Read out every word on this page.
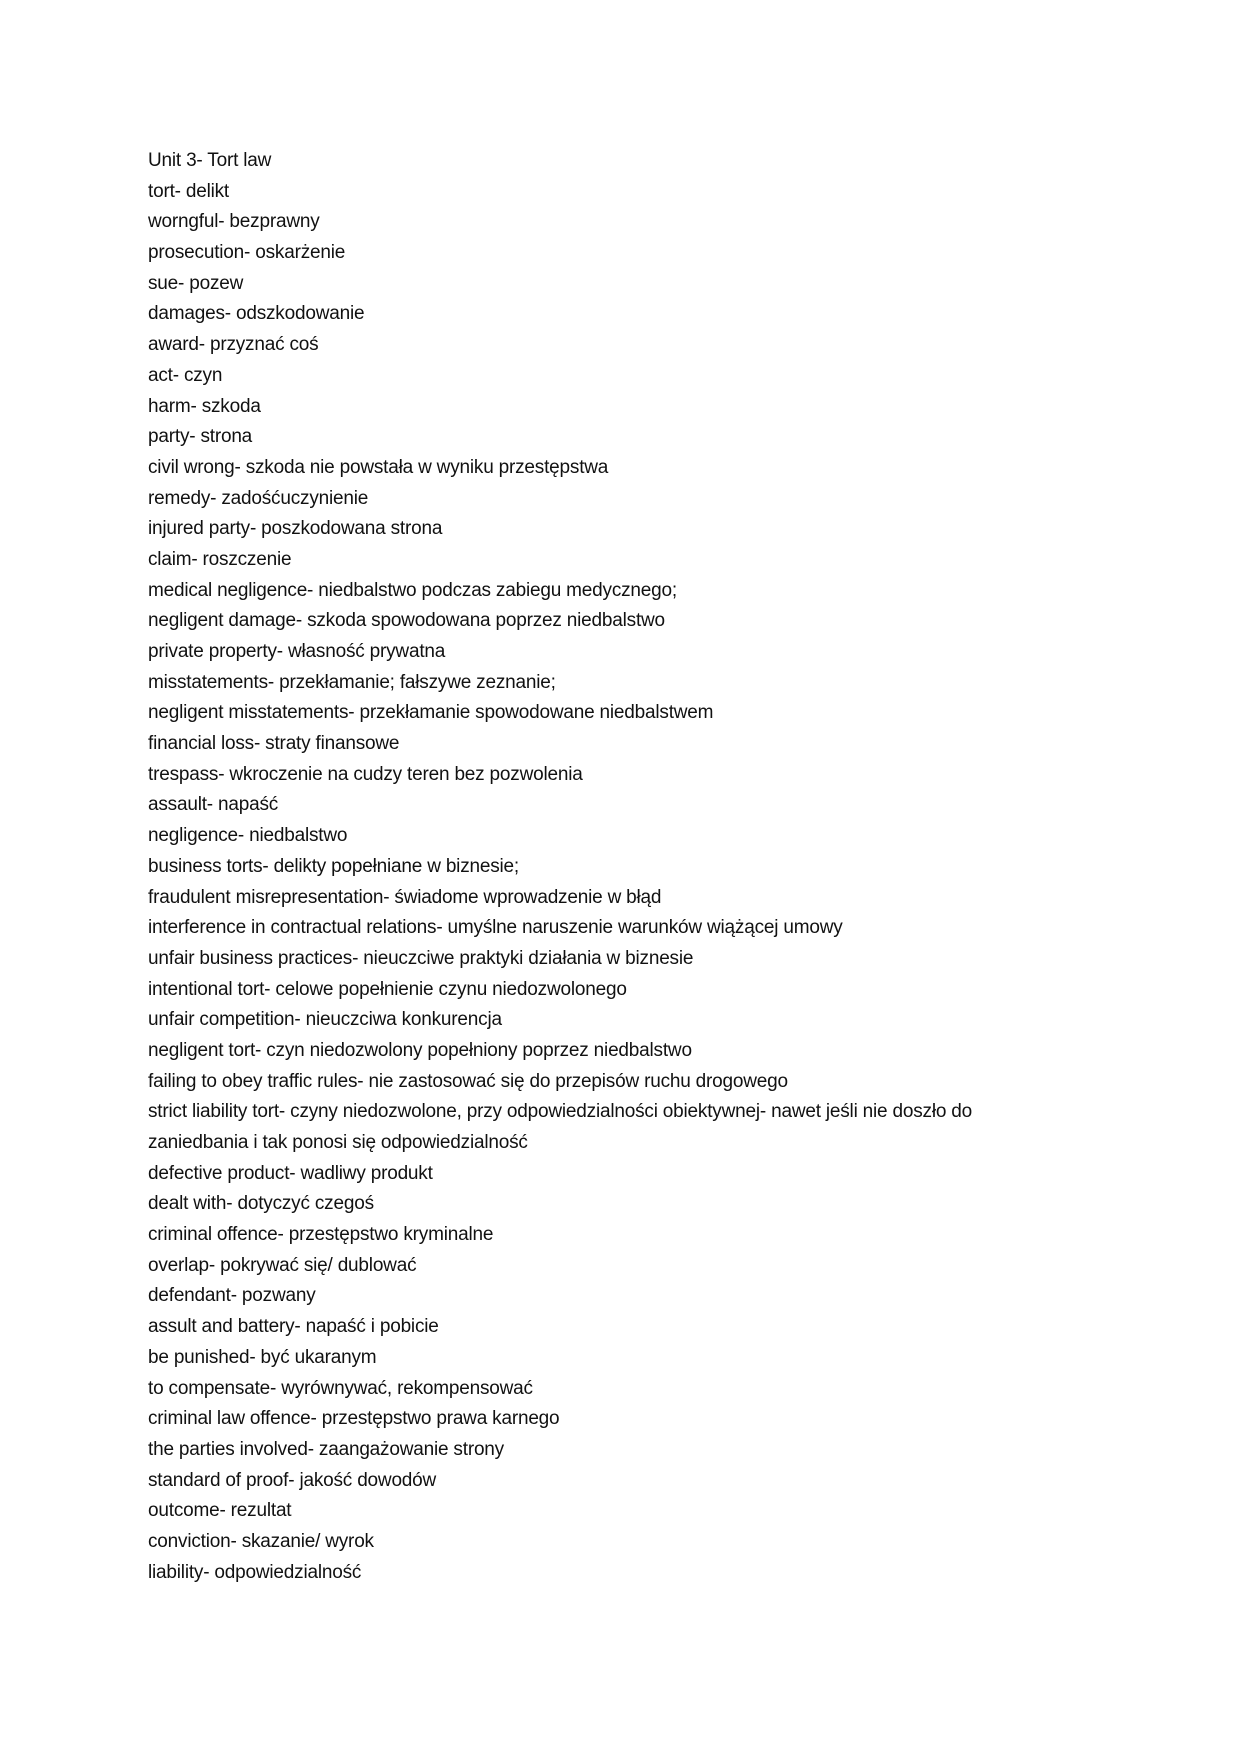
Unit 3- Tort law
tort- delikt
worngful- bezprawny
prosecution- oskarżenie
sue- pozew
damages- odszkodowanie
award- przyznać coś
act- czyn
harm- szkoda
party- strona
civil wrong- szkoda nie powstała w wyniku przestępstwa
remedy- zadośćuczynienie
injured party- poszkodowana strona
claim- roszczenie
medical negligence- niedbalstwo podczas zabiegu medycznego;
negligent damage- szkoda spowodowana poprzez niedbalstwo
private property- własność prywatna
misstatements- przekłamanie; fałszywe zeznanie;
negligent misstatements- przekłamanie spowodowane niedbalstwem
financial loss- straty finansowe
trespass- wkroczenie na cudzy teren bez pozwolenia
assault- napaść
negligence- niedbalstwo
business torts- delikty popełniane w biznesie;
fraudulent misrepresentation- świadome wprowadzenie w błąd
interference in contractual relations- umyślne naruszenie warunków wiążącej umowy
unfair business practices- nieuczciwe praktyki działania w biznesie
intentional tort- celowe popełnienie czynu niedozwolonego
unfair competition- nieuczciwa konkurencja
negligent tort- czyn niedozwolony popełniony poprzez niedbalstwo
failing to obey traffic rules- nie zastosować się do przepisów ruchu drogowego
strict liability tort- czyny niedozwolone, przy odpowiedzialności obiektywnej- nawet jeśli nie doszło do
zaniedbania i tak ponosi się odpowiedzialność
defective product- wadliwy produkt
dealt with- dotyczyć czegoś
criminal offence- przestępstwo kryminalne
overlap- pokrywać się/ dublować
defendant- pozwany
assult and battery- napaść i pobicie
be punished- być ukaranym
to compensate- wyrównywać, rekompensować
criminal law offence- przestępstwo prawa karnego
the parties involved- zaangażowanie strony
standard of proof- jakość dowodów
outcome- rezultat
conviction- skazanie/ wyrok
liability- odpowiedzialność
